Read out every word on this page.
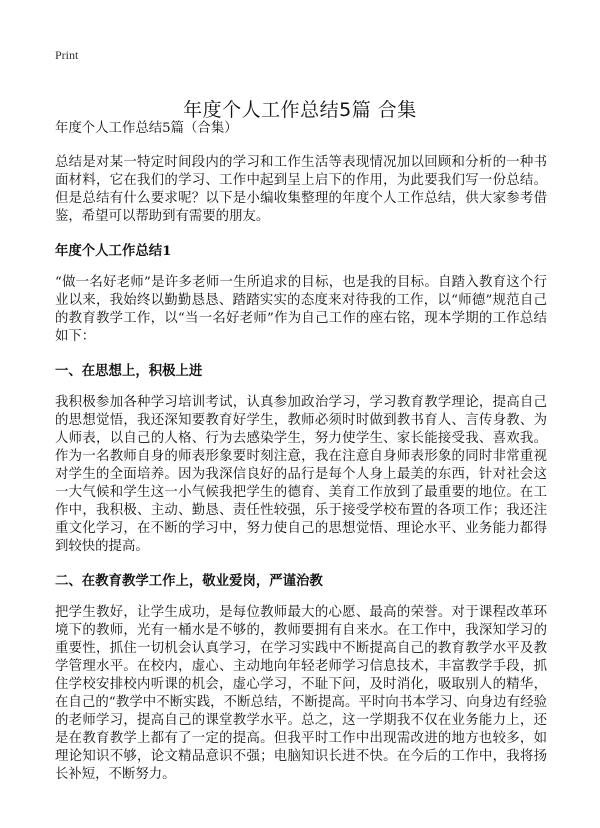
Print
年度个人工作总结5篇 合集

年度个人工作总结5篇（合集）

总结是对某一特定时间段内的学习和工作生活等表现情况加以回顾和分析的一种书面材料，它在我们的学习、工作中起到呈上启下的作用，为此要我们写一份总结。但是总结有什么要求呢？以下是小编收集整理的年度个人工作总结，供大家参考借鉴，希望可以帮助到有需要的朋友。

年度个人工作总结1

“做一名好老师”是许多老师一生所追求的目标，也是我的目标。自踏入教育这个行业以来，我始终以勤勤恳恳、踏踏实实的态度来对待我的工作，以“师德”规范自己的教育教学工作，以“当一名好老师”作为自己工作的座右铭，现本学期的工作总结如下：

一、在思想上，积极上进

我积极参加各种学习培训考试，认真参加政治学习，学习教育教学理论，提高自己的思想觉悟，我还深知要教育好学生，教师必须时时做到教书育人、言传身教、为人师表，以自己的人格、行为去感染学生，努力使学生、家长能接受我、喜欢我。作为一名教师自身的师表形象要时刻注意，我在注意自身师表形象的同时非常重视对学生的全面培养。因为我深信良好的品行是每个人身上最美的东西，针对社会这一大气候和学生这一小气候我把学生的德育、美育工作放到了最重要的地位。在工作中，我积极、主动、勤恳、责任性较强，乐于接受学校布置的各项工作；我还注重文化学习，在不断的学习中，努力使自己的思想觉悟、理论水平、业务能力都得到较快的提高。

二、在教育教学工作上，敬业爱岗，严谨治教

把学生教好，让学生成功，是每位教师最大的心愿、最高的荣誉。对于课程改革环境下的教师，光有一桶水是不够的，教师要拥有自来水。在工作中，我深知学习的重要性，抓住一切机会认真学习，在学习实践中不断提高自己的教育教学水平及教学管理水平。在校内，虚心、主动地向年轻老师学习信息技术，丰富教学手段，抓住学校安排校内听课的机会，虚心学习，不耻下问，及时消化，吸取别人的精华，在自己的“教学中不断实践，不断总结，不断提高。平时向书本学习、向身边有经验的老师学习，提高自己的课堂教学水平。总之，这一学期我不仅在业务能力上，还是在教育教学上都有了一定的提高。但我平时工作中出现需改进的地方也较多，如理论知识不够，论文精品意识不强；电脑知识长进不快。在今后的工作中，我将扬长补短，不断努力。
